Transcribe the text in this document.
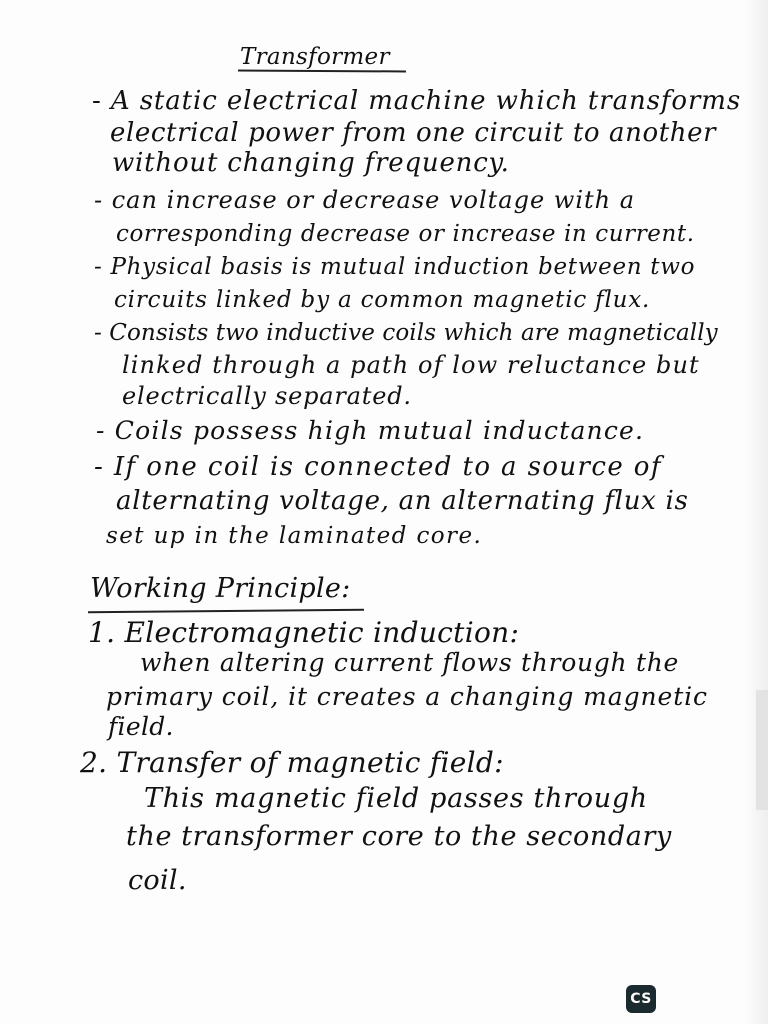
Transformer
- A static electrical machine which transforms
electrical power from one circuit to another
without changing frequency.
- can increase or decrease voltage with a
corresponding decrease or increase in current.
- Physical basis is mutual induction between two
circuits linked by a common magnetic flux.
- Consists two inductive coils which are magnetically
linked through a path of low reluctance but
electrically separated.
- Coils possess high mutual inductance.
- If one coil is connected to a source of
alternating voltage, an alternating flux is
set up in the laminated core.
Working Principle:
1. Electromagnetic induction:
when altering current flows through the
primary coil, it creates a changing magnetic
field.
2. Transfer of magnetic field:
This magnetic field passes through
the transformer core to the secondary
coil.
CS
